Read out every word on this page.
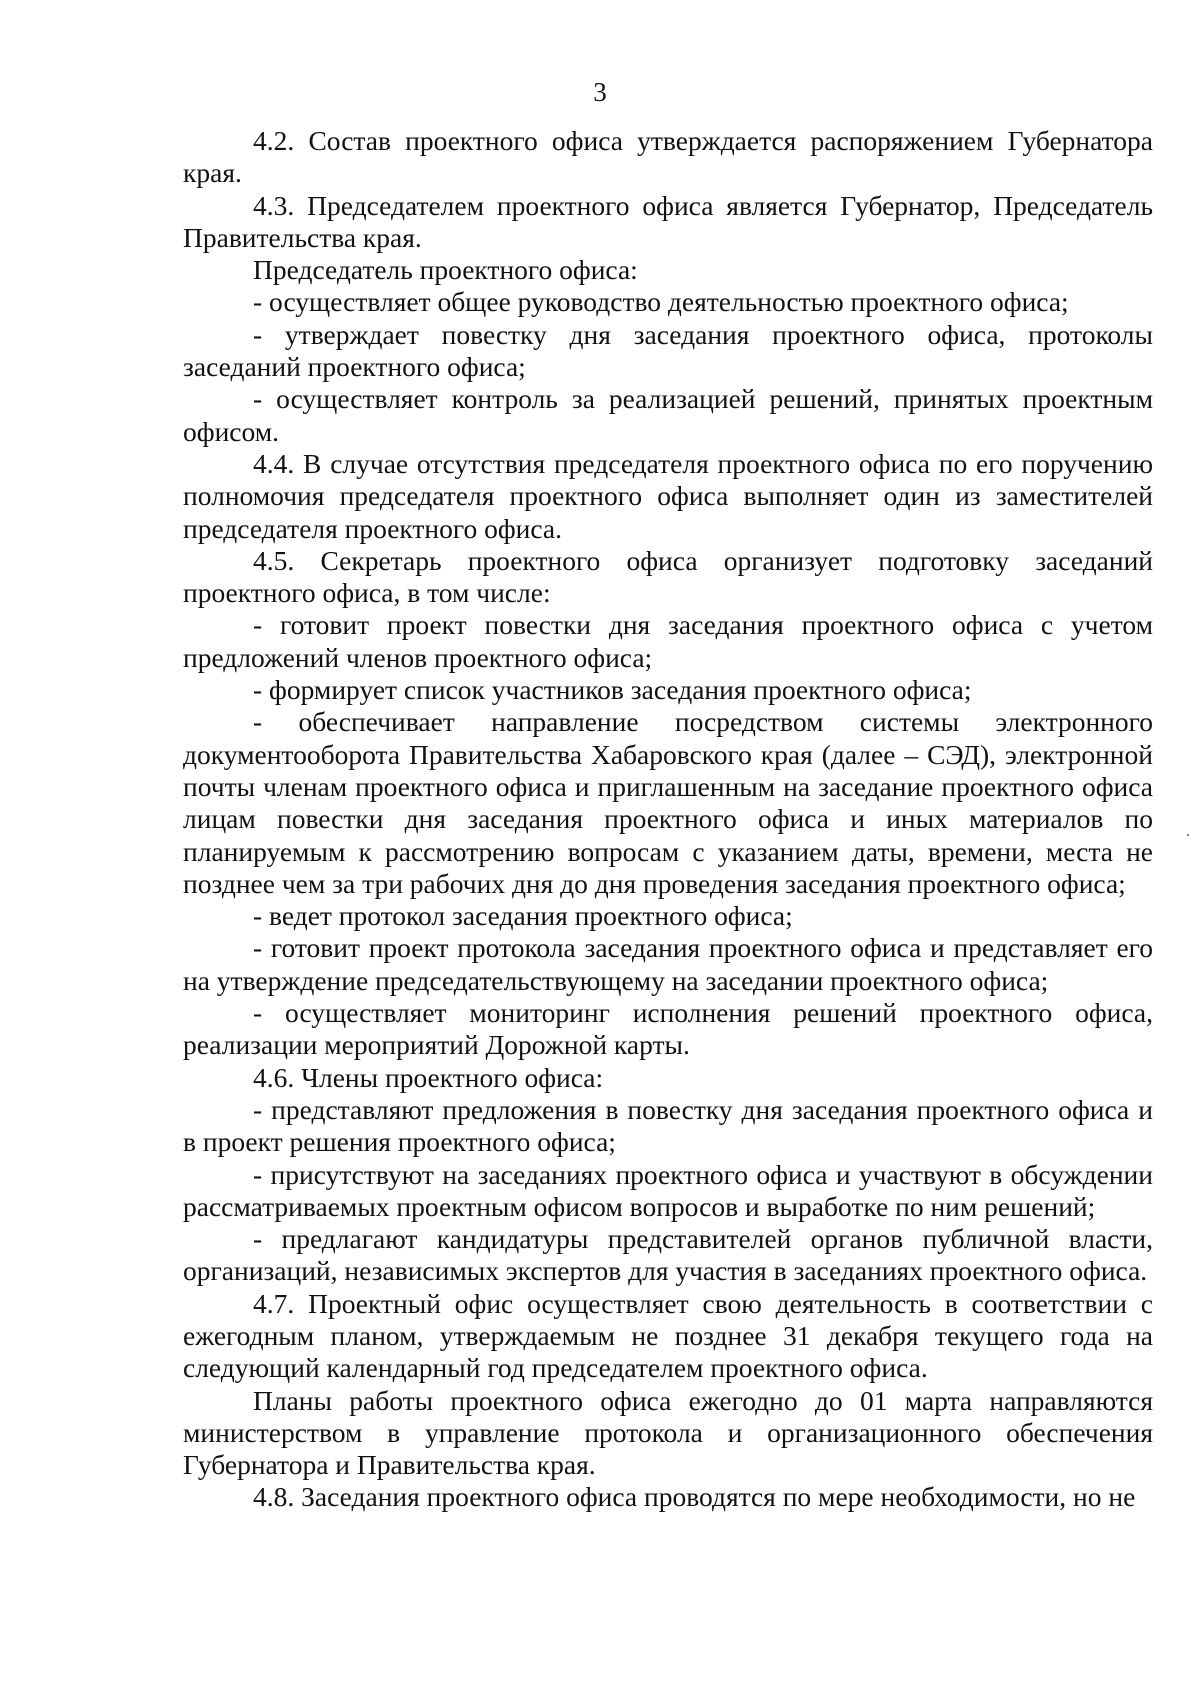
3

4.2. Состав проектного офиса утверждается распоряжением Губернатора края.

4.3. Председателем проектного офиса является Губернатор, Председатель Правительства края.

Председатель проектного офиса:

- осуществляет общее руководство деятельностью проектного офиса;

- утверждает повестку дня заседания проектного офиса, протоколы заседаний проектного офиса;

- осуществляет контроль за реализацией решений, принятых проектным офисом.

4.4. В случае отсутствия председателя проектного офиса по его поручению полномочия председателя проектного офиса выполняет один из заместителей председателя проектного офиса.

4.5. Секретарь проектного офиса организует подготовку заседаний проектного офиса, в том числе:

- готовит проект повестки дня заседания проектного офиса с учетом предложений членов проектного офиса;

- формирует список участников заседания проектного офиса;

- обеспечивает направление посредством системы электронного документооборота Правительства Хабаровского края (далее – СЭД), электронной почты членам проектного офиса и приглашенным на заседание проектного офиса лицам повестки дня заседания проектного офиса и иных материалов по планируемым к рассмотрению вопросам с указанием даты, времени, места не позднее чем за три рабочих дня до дня проведения заседания проектного офиса;

- ведет протокол заседания проектного офиса;

- готовит проект протокола заседания проектного офиса и представляет его на утверждение председательствующему на заседании проектного офиса;

- осуществляет мониторинг исполнения решений проектного офиса, реализации мероприятий Дорожной карты.

4.6. Члены проектного офиса:

- представляют предложения в повестку дня заседания проектного офиса и в проект решения проектного офиса;

- присутствуют на заседаниях проектного офиса и участвуют в обсуждении рассматриваемых проектным офисом вопросов и выработке по ним решений;

- предлагают кандидатуры представителей органов публичной власти, организаций, независимых экспертов для участия в заседаниях проектного офиса.

4.7. Проектный офис осуществляет свою деятельность в соответствии с ежегодным планом, утверждаемым не позднее 31 декабря текущего года на следующий календарный год председателем проектного офиса.

Планы работы проектного офиса ежегодно до 01 марта направляются министерством в управление протокола и организационного обеспечения Губернатора и Правительства края.

4.8. Заседания проектного офиса проводятся по мере необходимости, но не
